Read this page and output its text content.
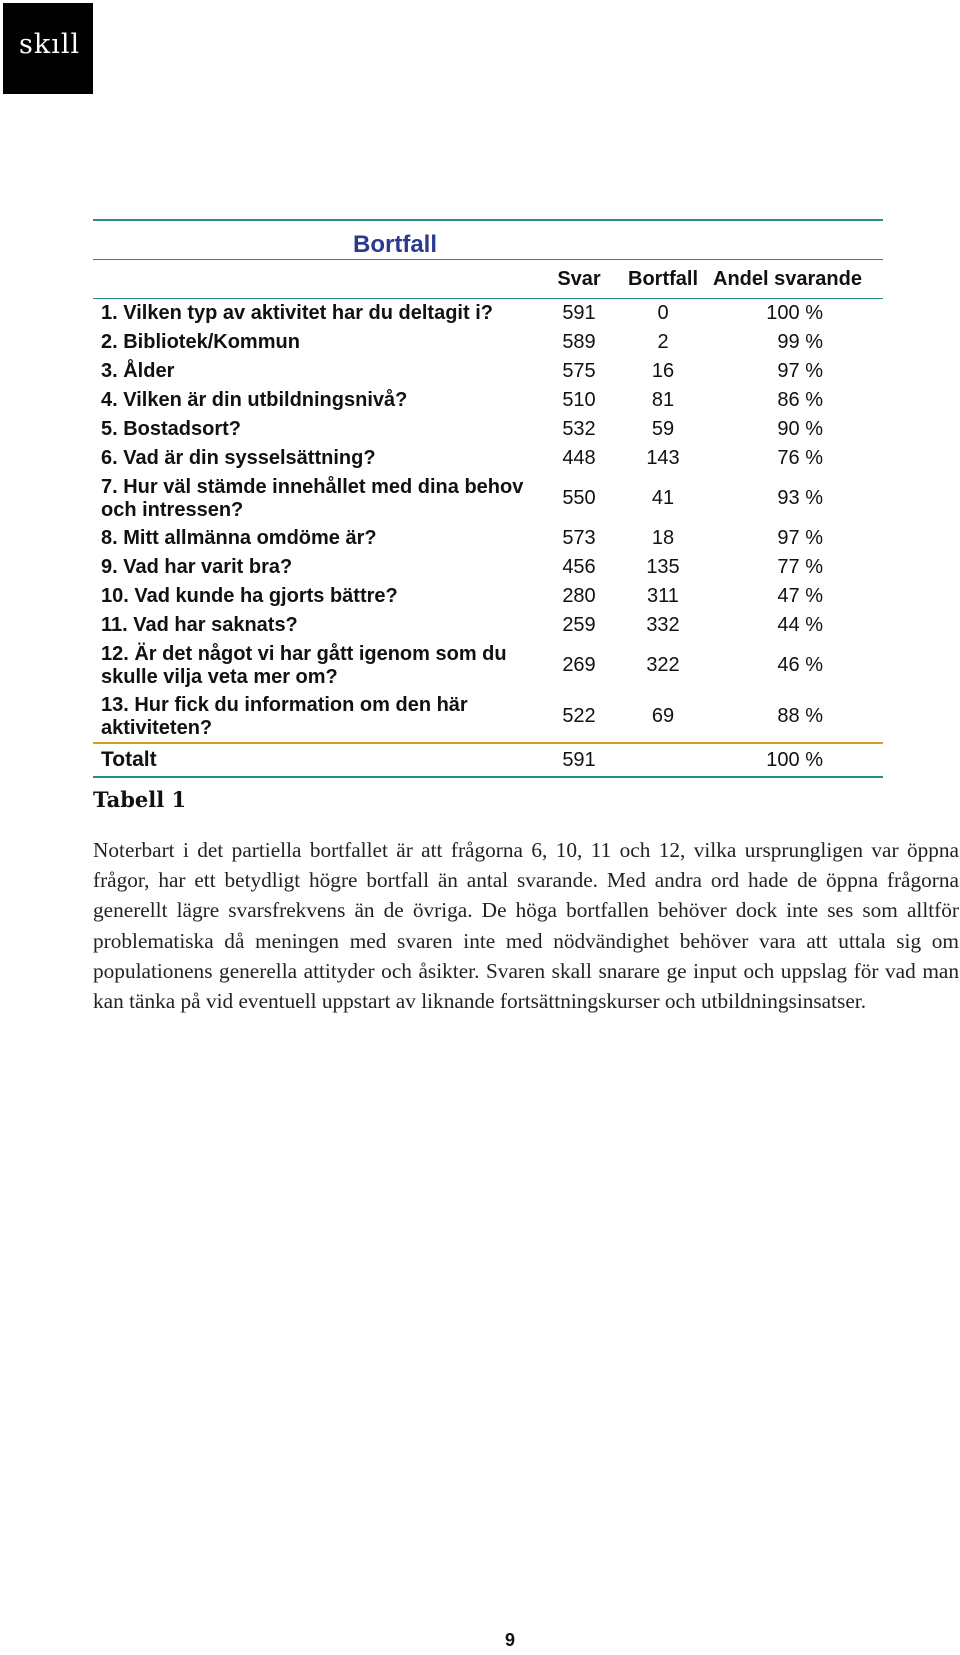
skıll
Bortfall			
	Svar	Bortfall	Andel svarande
1. Vilken typ av aktivitet har du deltagit i?	591	0	100 %
2. Bibliotek/Kommun	589	2	99 %
3. Ålder	575	16	97 %
4. Vilken är din utbildningsnivå?	510	81	86 %
5. Bostadsort?	532	59	90 %
6. Vad är din sysselsättning?	448	143	76 %
7. Hur väl stämde innehållet med dina behov och intressen?	550	41	93 %
8. Mitt allmänna omdöme är?	573	18	97 %
9. Vad har varit bra?	456	135	77 %
10. Vad kunde ha gjorts bättre?	280	311	47 %
11. Vad har saknats?	259	332	44 %
12. Är det något vi har gått igenom som du skulle vilja veta mer om?	269	322	46 %
13. Hur fick du information om den här aktiviteten?	522	69	88 %
Totalt	591		100 %
Tabell 1
Noterbart i det partiella bortfallet är att frågorna 6, 10, 11 och 12, vilka ursprungligen var öppna frågor, har ett betydligt högre bortfall än antal svarande. Med andra ord hade de öppna frågorna generellt lägre svarsfrekvens än de övriga. De höga bortfallen behöver dock inte ses som alltför problematiska då meningen med svaren inte med nödvändighet behöver vara att uttala sig om populationens generella attityder och åsikter. Svaren skall snarare ge input och uppslag för vad man kan tänka på vid eventuell uppstart av liknande fortsättningskurser och utbildningsinsatser.
9
